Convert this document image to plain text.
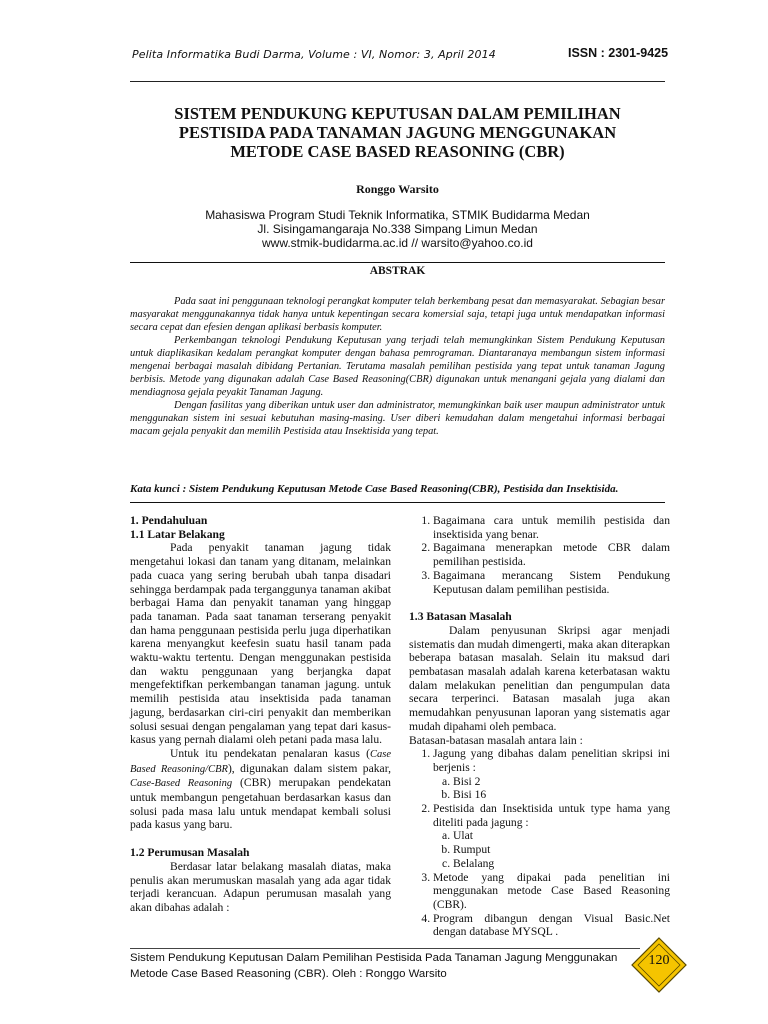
Pelita Informatika Budi Darma, Volume : VI, Nomor: 3, April 2014	ISSN : 2301-9425
SISTEM PENDUKUNG KEPUTUSAN DALAM PEMILIHAN
PESTISIDA PADA TANAMAN JAGUNG MENGGUNAKAN
METODE CASE BASED REASONING (CBR)
Ronggo Warsito
Mahasiswa Program Studi Teknik Informatika, STMIK Budidarma Medan
Jl. Sisingamangaraja No.338 Simpang Limun Medan
www.stmik-budidarma.ac.id // warsito@yahoo.co.id
ABSTRAK

Pada saat ini penggunaan teknologi perangkat komputer telah berkembang pesat dan memasyarakat. Sebagian besar masyarakat menggunakannya tidak hanya untuk kepentingan secara komersial saja, tetapi juga untuk mendapatkan informasi secara cepat dan efesien dengan aplikasi berbasis komputer.

Perkembangan teknologi Pendukung Keputusan yang terjadi telah memungkinkan Sistem Pendukung Keputusan untuk diaplikasikan kedalam perangkat komputer dengan bahasa pemrograman. Diantaranaya membangun sistem informasi mengenai berbagai masalah dibidang Pertanian. Terutama masalah pemilihan pestisida yang tepat untuk tanaman Jagung berbisis. Metode yang digunakan adalah Case Based Reasoning(CBR) digunakan untuk menangani gejala yang dialami dan mendiagnosa gejala peyakit Tanaman Jagung.

Dengan fasilitas yang diberikan untuk user dan administrator, memungkinkan baik user maupun administrator untuk menggunakan sistem ini sesuai kebutuhan masing-masing. User diberi kemudahan dalam mengetahui informasi berbagai macam gejala penyakit dan memilih Pestisida atau Insektisida yang tepat.

Kata kunci : Sistem Pendukung Keputusan Metode Case Based Reasoning(CBR), Pestisida dan Insektisida.
1. Pendahuluan
1.1 Latar Belakang

Pada penyakit tanaman jagung tidak mengetahui lokasi dan tanam yang ditanam, melainkan pada cuaca yang sering berubah ubah tanpa disadari sehingga berdampak pada terganggunya tanaman akibat berbagai Hama dan penyakit tanaman yang hinggap pada tanaman. Pada saat tanaman terserang penyakit dan hama penggunaan pestisida perlu juga diperhatikan karena menyangkut keefesin suatu hasil tanam pada waktu-waktu tertentu. Dengan menggunakan pestisida dan waktu penggunaan yang berjangka dapat mengefektifkan perkembangan tanaman jagung. untuk memilih pestisida atau insektisida pada tanaman jagung, berdasarkan ciri-ciri penyakit dan memberikan solusi sesuai dengan pengalaman yang tepat dari kasus-kasus yang pernah dialami oleh petani pada masa lalu.

Untuk itu pendekatan penalaran kasus (Case Based Reasoning/CBR), digunakan dalam sistem pakar, Case-Based Reasoning (CBR) merupakan pendekatan untuk membangun pengetahuan berdasarkan kasus dan solusi pada masa lalu untuk mendapat kembali solusi pada kasus yang baru.

1.2 Perumusan Masalah

Berdasar latar belakang masalah diatas, maka penulis akan merumuskan masalah yang ada agar tidak terjadi kerancuan. Adapun perumusan masalah yang akan dibahas adalah :

1. Bagaimana cara untuk memilih pestisida dan insektisida yang benar.
2. Bagaimana menerapkan metode CBR dalam pemilihan pestisida.
3. Bagaimana merancang Sistem Pendukung Keputusan dalam pemilihan pestisida.
1.3 Batasan Masalah

Dalam penyusunan Skripsi agar menjadi sistematis dan mudah dimengerti, maka akan diterapkan beberapa batasan masalah. Selain itu maksud dari pembatasan masalah adalah karena keterbatasan waktu dalam melakukan penelitian dan pengumpulan data secara terperinci. Batasan masalah juga akan memudahkan penyusunan laporan yang sistematis agar mudah dipahami oleh pembaca.

Batasan-batasan masalah antara lain :

1. Jagung yang dibahas dalam penelitian skripsi ini berjenis :
a. Bisi 2
b. Bisi 16
2. Pestisida dan Insektisida untuk type hama yang diteliti pada jagung :
a. Ulat
b. Rumput
c. Belalang
3. Metode yang dipakai pada penelitian ini menggunakan metode Case Based Reasoning (CBR).
4. Program dibangun dengan Visual Basic.Net dengan database MYSQL .
Sistem Pendukung Keputusan Dalam Pemilihan Pestisida Pada Tanaman Jagung Menggunakan
Metode Case Based Reasoning (CBR). Oleh : Ronggo Warsito
120
